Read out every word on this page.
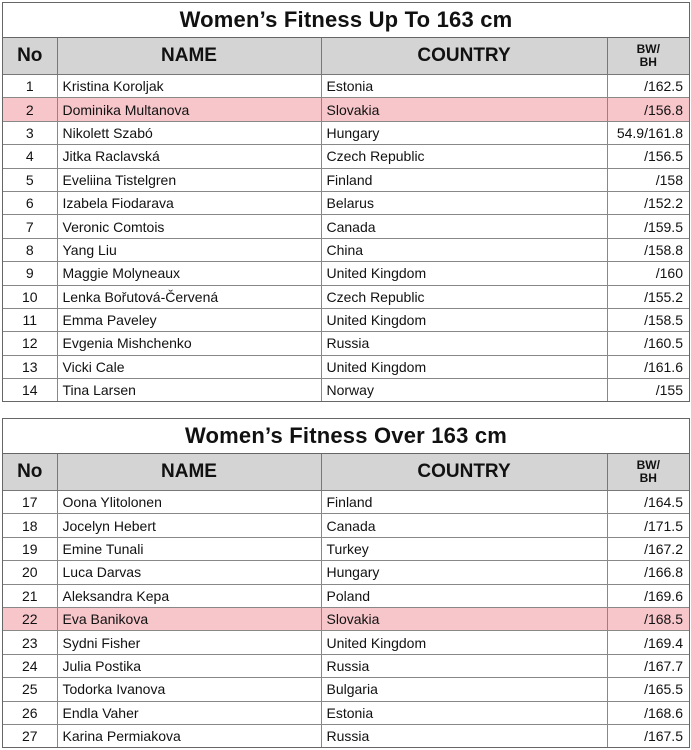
Women’s Fitness Up To 163 cm
No	NAME	COUNTRY	BW/
BH
1	Kristina Koroljak	Estonia	/162.5
2	Dominika Multanova	Slovakia	/156.8
3	Nikolett Szabó	Hungary	54.9/161.8
4	Jitka Raclavská	Czech Republic	/156.5
5	Eveliina Tistelgren	Finland	/158
6	Izabela Fiodarava	Belarus	/152.2
7	Veronic Comtois	Canada	/159.5
8	Yang Liu	China	/158.8
9	Maggie Molyneaux	United Kingdom	/160
10	Lenka Bořutová-Červená	Czech Republic	/155.2
11	Emma Paveley	United Kingdom	/158.5
12	Evgenia Mishchenko	Russia	/160.5
13	Vicki Cale	United Kingdom	/161.6
14	Tina Larsen	Norway	/155
Women’s Fitness Over 163 cm
No	NAME	COUNTRY	BW/
BH
17	Oona Ylitolonen	Finland	/164.5
18	Jocelyn Hebert	Canada	/171.5
19	Emine Tunali	Turkey	/167.2
20	Luca Darvas	Hungary	/166.8
21	Aleksandra Kepa	Poland	/169.6
22	Eva Banikova	Slovakia	/168.5
23	Sydni Fisher	United Kingdom	/169.4
24	Julia Postika	Russia	/167.7
25	Todorka Ivanova	Bulgaria	/165.5
26	Endla Vaher	Estonia	/168.6
27	Karina Permiakova	Russia	/167.5
